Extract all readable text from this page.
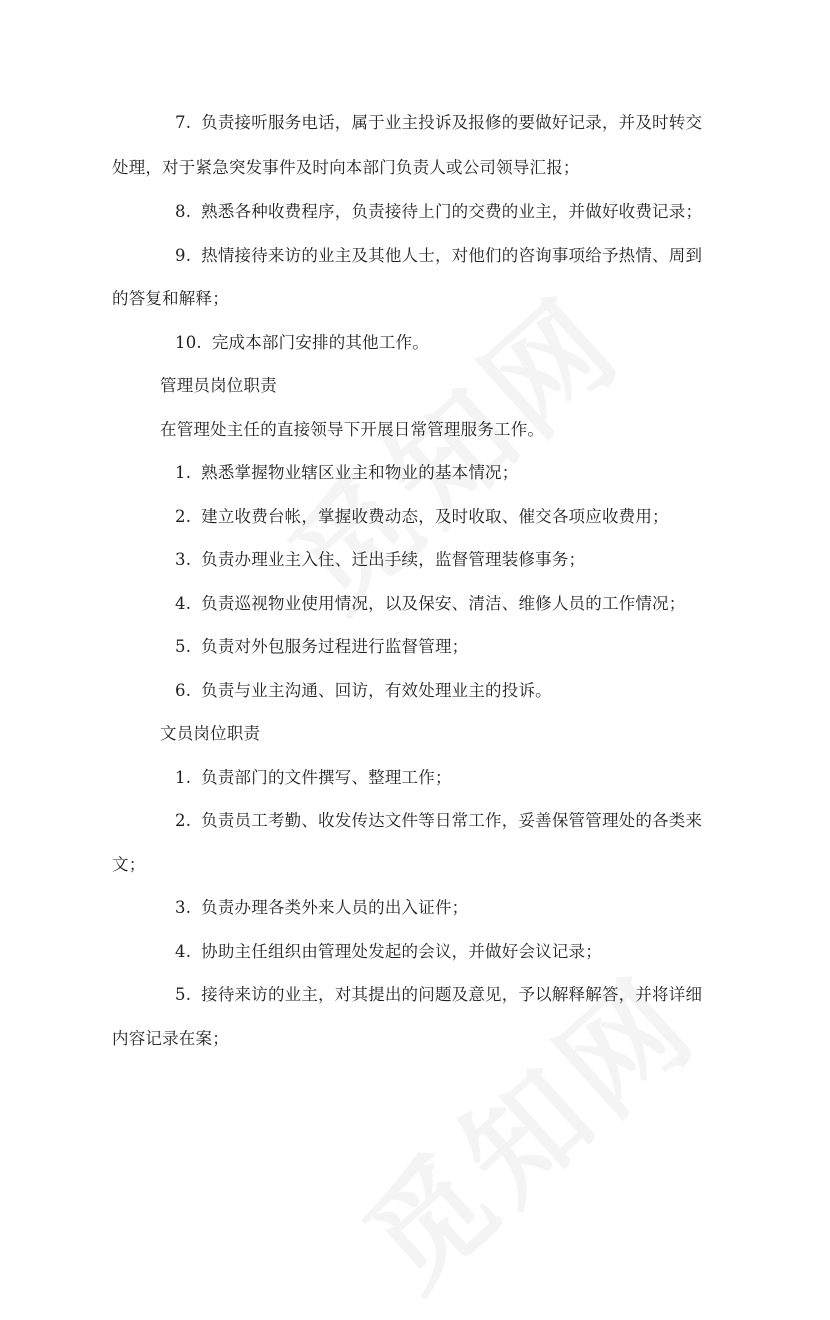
7. 负责接听服务电话，属于业主投诉及报修的要做好记录，并及时转交
处理，对于紧急突发事件及时向本部门负责人或公司领导汇报；
8. 熟悉各种收费程序，负责接待上门的交费的业主，并做好收费记录；
9. 热情接待来访的业主及其他人士，对他们的咨询事项给予热情、周到
的答复和解释；
10. 完成本部门安排的其他工作。
管理员岗位职责
在管理处主任的直接领导下开展日常管理服务工作。
1. 熟悉掌握物业辖区业主和物业的基本情况；
2. 建立收费台帐，掌握收费动态，及时收取、催交各项应收费用；
3. 负责办理业主入住、迁出手续，监督管理装修事务；
4. 负责巡视物业使用情况，以及保安、清洁、维修人员的工作情况；
5. 负责对外包服务过程进行监督管理；
6. 负责与业主沟通、回访，有效处理业主的投诉。
文员岗位职责
1. 负责部门的文件撰写、整理工作；
2. 负责员工考勤、收发传达文件等日常工作，妥善保管管理处的各类来
文；
3. 负责办理各类外来人员的出入证件；
4. 协助主任组织由管理处发起的会议，并做好会议记录；
5. 接待来访的业主，对其提出的问题及意见，予以解释解答，并将详细
内容记录在案；
